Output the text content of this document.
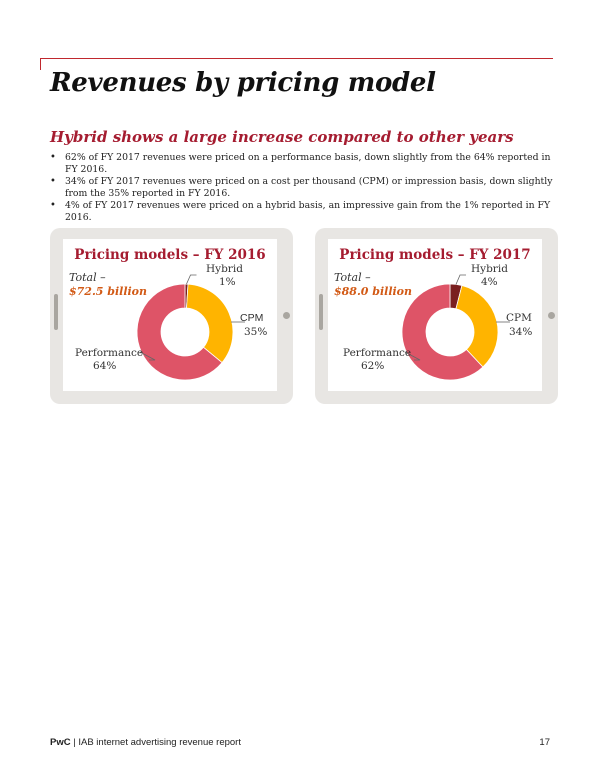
Revenues by pricing model
Hybrid shows a large increase compared to other years
• 62% of FY 2017 revenues were priced on a performance basis, down slightly from the 64% reported in FY 2016.
• 34% of FY 2017 revenues were priced on a cost per thousand (CPM) or impression basis, down slightly from the 35% reported in FY 2016.
• 4% of FY 2017 revenues were priced on a hybrid basis, an impressive gain from the 1% reported in FY 2016.
Pricing models – FY 2016
Total –
$72.5 billion
Hybrid
1%
CPM
35%
Performance
64%
Pricing models – FY 2017
Total –
$88.0 billion
Hybrid
4%
CPM
34%
Performance
62%
PwC | IAB internet advertising revenue report	17
